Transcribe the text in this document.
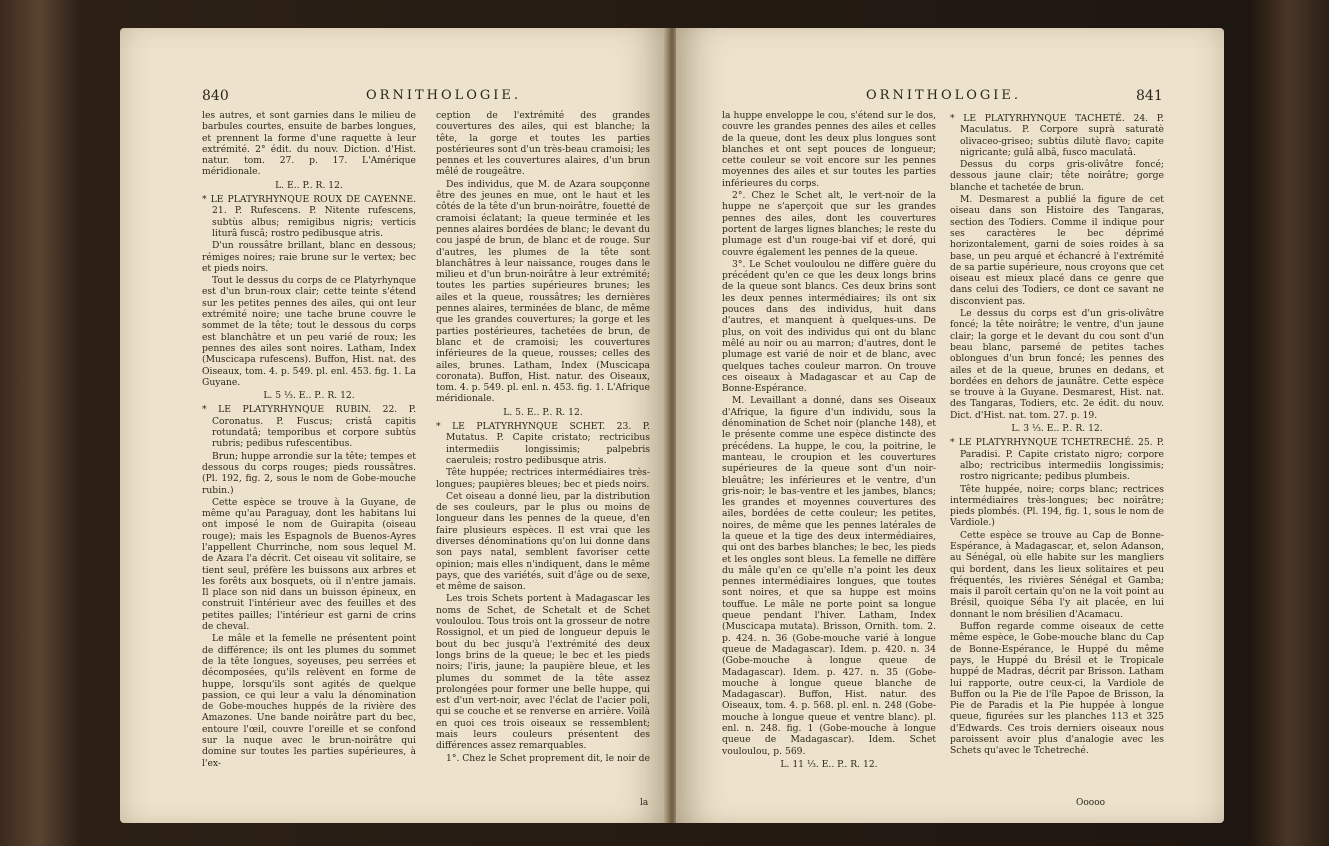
840	ORNITHOLOGIE.

les autres, et sont garnies dans le milieu de barbules courtes, ensuite de barbes longues, et prennent la forme d'une raquette à leur extrémité. 2° édit. du nouv. Diction. d'Hist. natur. tom. 27. p. 17. L'Amérique méridionale.

L. E.. P.. R. 12.

* LE PLATYRHYNQUE ROUX DE CAYENNE. 21. P. Rufescens. P. Nitente rufescens, subtùs albus; remigibus nigris; verticis liturâ fuscâ; rostro pedibusque atris.

D'un roussâtre brillant, blanc en dessous; rémiges noires; raie brune sur le vertex; bec et pieds noirs.

Tout le dessus du corps de ce Platyrhynque est d'un brun-roux clair; cette teinte s'étend sur les petites pennes des ailes, qui ont leur extrémité noire; une tache brune couvre le sommet de la tête; tout le dessous du corps est blanchâtre et un peu varié de roux; les pennes des ailes sont noires. Latham, Index (Muscicapa rufescens). Buffon, Hist. nat. des Oiseaux, tom. 4. p. 549. pl. enl. 453. fig. 1. La Guyane.

L. 5 ⅓. E.. P.. R. 12.

* LE PLATYRHYNQUE RUBIN. 22. P. Coronatus. P. Fuscus; cristâ capitis rotundatâ; temporibus et corpore subtùs rubris; pedibus rufescentibus.

Brun; huppe arrondie sur la tête; tempes et dessous du corps rouges; pieds roussâtres. (Pl. 192, fig. 2, sous le nom de Gobe-mouche rubin.)

Cette espèce se trouve à la Guyane, de même qu'au Paraguay, dont les habitans lui ont imposé le nom de Guirapita (oiseau rouge); mais les Espagnols de Buenos-Ayres l'appellent Churrinche, nom sous lequel M. de Azara l'a décrit. Cet oiseau vit solitaire, se tient seul, préfère les buissons aux arbres et les forêts aux bosquets, où il n'entre jamais. Il place son nid dans un buisson épineux, en construit l'intérieur avec des feuilles et des petites pailles; l'intérieur est garni de crins de cheval.

Le mâle et la femelle ne présentent point de différence; ils ont les plumes du sommet de la tête longues, soyeuses, peu serrées et décomposées, qu'ils relèvent en forme de huppe, lorsqu'ils sont agités de quelque passion, ce qui leur a valu la dénomination de Gobe-mouches huppés de la rivière des Amazones. Une bande noirâtre part du bec, entoure l'œil, couvre l'oreille et se confond sur la nuque avec le brun-noirâtre qui domine sur toutes les parties supérieures, à l'ex-

ception de l'extrémité des grandes couvertures des ailes, qui est blanche; la tête, la gorge et toutes les parties postérieures sont d'un très-beau cramoisi; les pennes et les couvertures alaires, d'un brun mêlé de rougeâtre.

Des individus, que M. de Azara soupçonne être des jeunes en mue, ont le haut et les côtés de la tête d'un brun-noirâtre, fouetté de cramoisi éclatant; la queue terminée et les pennes alaires bordées de blanc; le devant du cou jaspé de brun, de blanc et de rouge. Sur d'autres, les plumes de la tête sont blanchâtres à leur naissance, rouges dans le milieu et d'un brun-noirâtre à leur extrémité; toutes les parties supérieures brunes; les ailes et la queue, roussâtres; les dernières pennes alaires, terminées de blanc, de même que les grandes couvertures; la gorge et les parties postérieures, tachetées de brun, de blanc et de cramoisi; les couvertures inférieures de la queue, rousses; celles des ailes, brunes. Latham, Index (Muscicapa coronata). Buffon, Hist. natur. des Oiseaux, tom. 4. p. 549. pl. enl. n. 453. fig. 1. L'Afrique méridionale.

L. 5. E.. P.. R. 12.

* LE PLATYRHYNQUE SCHET. 23. P. Mutatus. P. Capite cristato; rectricibus intermediis longissimis; palpebris caeruleis; rostro pedibusque atris.

Tête huppée; rectrices intermédiaires très-longues; paupières bleues; bec et pieds noirs.

Cet oiseau a donné lieu, par la distribution de ses couleurs, par le plus ou moins de longueur dans les pennes de la queue, d'en faire plusieurs espèces. Il est vrai que les diverses dénominations qu'on lui donne dans son pays natal, semblent favoriser cette opinion; mais elles n'indiquent, dans le même pays, que des variétés, suit d'âge ou de sexe, et même de saison.

Les trois Schets portent à Madagascar les noms de Schet, de Schetalt et de Schet vouloulou. Tous trois ont la grosseur de notre Rossignol, et un pied de longueur depuis le bout du bec jusqu'à l'extrémité des deux longs brins de la queue; le bec et les pieds noirs; l'iris, jaune; la paupière bleue, et les plumes du sommet de la tête assez prolongées pour former une belle huppe, qui est d'un vert-noir, avec l'éclat de l'acier poli, qui se couche et se renverse en arrière. Voilà en quoi ces trois oiseaux se ressemblent; mais leurs couleurs présentent des différences assez remarquables.

1°. Chez le Schet proprement dit, le noir de

la
ORNITHOLOGIE.	841

la huppe enveloppe le cou, s'étend sur le dos, couvre les grandes pennes des ailes et celles de la queue, dont les deux plus longues sont blanches et ont sept pouces de longueur; cette couleur se voit encore sur les pennes moyennes des ailes et sur toutes les parties inférieures du corps.

2°. Chez le Schet alt, le vert-noir de la huppe ne s'aperçoit que sur les grandes pennes des ailes, dont les couvertures portent de larges lignes blanches; le reste du plumage est d'un rouge-bai vif et doré, qui couvre également les pennes de la queue.

3°. Le Schet vouloulou ne diffère guère du précédent qu'en ce que les deux longs brins de la queue sont blancs. Ces deux brins sont les deux pennes intermédiaires; ils ont six pouces dans des individus, huit dans d'autres, et manquent à quelques-uns. De plus, on voit des individus qui ont du blanc mêlé au noir ou au marron; d'autres, dont le plumage est varié de noir et de blanc, avec quelques taches couleur marron. On trouve ces oiseaux à Madagascar et au Cap de Bonne-Espérance.

M. Levaillant a donné, dans ses Oiseaux d'Afrique, la figure d'un individu, sous la dénomination de Schet noir (planche 148), et le présente comme une espèce distincte des précédens. La huppe, le cou, la poitrine, le manteau, le croupion et les couvertures supérieures de la queue sont d'un noir-bleuâtre; les inférieures et le ventre, d'un gris-noir; le bas-ventre et les jambes, blancs; les grandes et moyennes couvertures des ailes, bordées de cette couleur; les petites, noires, de même que les pennes latérales de la queue et la tige des deux intermédiaires, qui ont des barbes blanches; le bec, les pieds et les ongles sont bleus. La femelle ne diffère du mâle qu'en ce qu'elle n'a point les deux pennes intermédiaires longues, que toutes sont noires, et que sa huppe est moins touffue. Le mâle ne porte point sa longue queue pendant l'hiver. Latham, Index (Muscicapa mutata). Brisson, Ornith. tom. 2. p. 424. n. 36 (Gobe-mouche varié à longue queue de Madagascar). Idem. p. 420. n. 34 (Gobe-mouche à longue queue de Madagascar). Idem. p. 427. n. 35 (Gobe-mouche à longue queue blanche de Madagascar). Buffon, Hist. natur. des Oiseaux, tom. 4. p. 568. pl. enl. n. 248 (Gobe-mouche à longue queue et ventre blanc). pl. enl. n. 248. fig. 1 (Gobe-mouche à longue queue de Madagascar). Idem. Schet vouloulou, p. 569.

L. 11 ⅓. E.. P.. R. 12.

* LE PLATYRHYNQUE TACHETÉ. 24. P. Maculatus. P. Corpore suprà saturatè olivaceo-griseo; subtùs dilutè flavo; capite nigricante; gulâ albâ, fusco maculatâ.

Dessus du corps gris-olivâtre foncé; dessous jaune clair; tête noirâtre; gorge blanche et tachetée de brun.

M. Desmarest a publié la figure de cet oiseau dans son Histoire des Tangaras, section des Todiers. Comme il indique pour ses caractères le bec déprimé horizontalement, garni de soies roides à sa base, un peu arqué et échancré à l'extrémité de sa partie supérieure, nous croyons que cet oiseau est mieux placé dans ce genre que dans celui des Todiers, ce dont ce savant ne disconvient pas.

Le dessus du corps est d'un gris-olivâtre foncé; la tête noirâtre; le ventre, d'un jaune clair; la gorge et le devant du cou sont d'un beau blanc, parsemé de petites taches oblongues d'un brun foncé; les pennes des ailes et de la queue, brunes en dedans, et bordées en dehors de jaunâtre. Cette espèce se trouve à la Guyane. Desmarest, Hist. nat. des Tangaras, Todiers, etc. 2e édit. du nouv. Dict. d'Hist. nat. tom. 27. p. 19.

L. 3 ⅓. E.. P.. R. 12.

* LE PLATYRHYNQUE TCHETRECHÉ. 25. P. Paradisi. P. Capite cristato nigro; corpore albo; rectricibus intermediis longissimis; rostro nigricante; pedibus plumbeis.

Tête huppée, noire; corps blanc; rectrices intermédiaires très-longues; bec noirâtre; pieds plombés. (Pl. 194, fig. 1, sous le nom de Vardiole.)

Cette espèce se trouve au Cap de Bonne-Espérance, à Madagascar, et, selon Adanson, au Sénégal, où elle habite sur les mangliers qui bordent, dans les lieux solitaires et peu fréquentés, les rivières Sénégal et Gamba; mais il paroît certain qu'on ne la voit point au Brésil, quoique Séba l'y ait placée, en lui donnant le nom brésilien d'Acamacu.

Buffon regarde comme oiseaux de cette même espèce, le Gobe-mouche blanc du Cap de Bonne-Espérance, le Huppé du même pays, le Huppé du Brésil et le Tropicale huppé de Madras, décrit par Brisson. Latham lui rapporte, outre ceux-ci, la Vardiole de Buffon ou la Pie de l'île Papoe de Brisson, la Pie de Paradis et la Pie huppée à longue queue, figurées sur les planches 113 et 325 d'Edwards. Ces trois derniers oiseaux nous paroissent avoir plus d'analogie avec les Schets qu'avec le Tchetreché.

Ooooo
